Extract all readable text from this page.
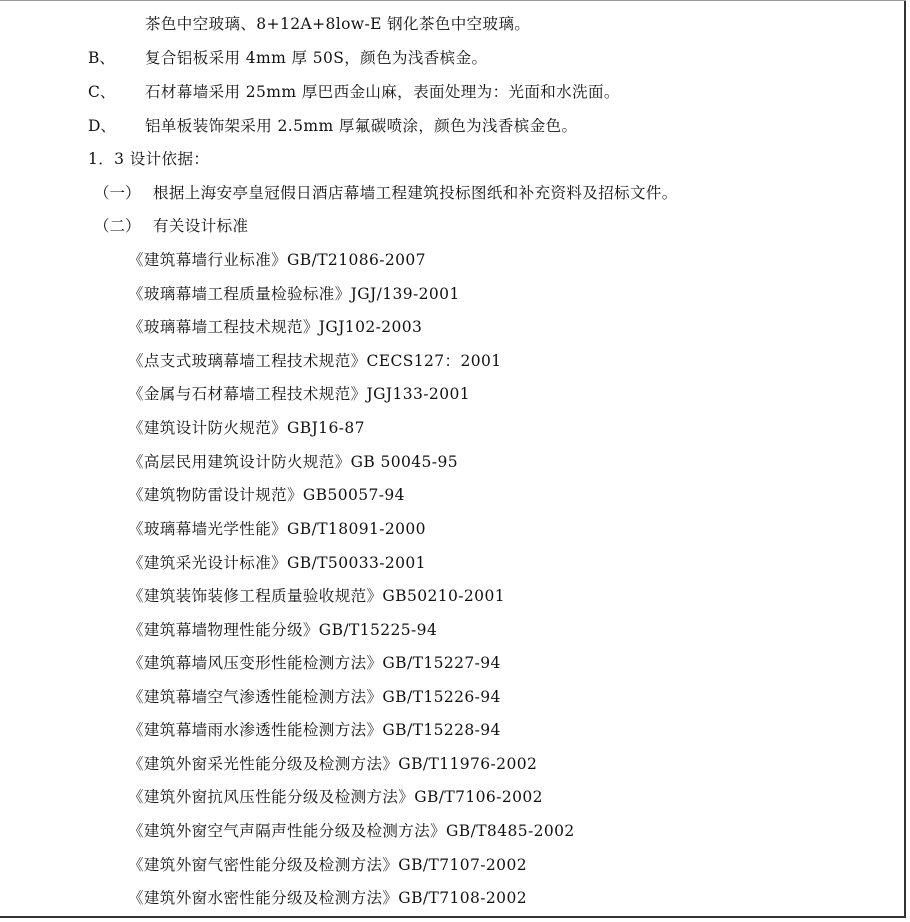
茶色中空玻璃、8+12A+8low-E 钢化茶色中空玻璃。
B、 复合铝板采用 4mm 厚 50S，颜色为浅香槟金。
C、 石材幕墙采用 25mm 厚巴西金山麻，表面处理为：光面和水洗面。
D、 铝单板装饰架采用 2.5mm 厚氟碳喷涂，颜色为浅香槟金色。
1．3 设计依据：
（一） 根据上海安亭皇冠假日酒店幕墙工程建筑投标图纸和补充资料及招标文件。
（二） 有关设计标准
《建筑幕墙行业标准》GB/T21086-2007
《玻璃幕墙工程质量检验标准》JGJ/139-2001
《玻璃幕墙工程技术规范》JGJ102-2003
《点支式玻璃幕墙工程技术规范》CECS127：2001
《金属与石材幕墙工程技术规范》JGJ133-2001
《建筑设计防火规范》GBJ16-87
《高层民用建筑设计防火规范》GB 50045-95
《建筑物防雷设计规范》GB50057-94
《玻璃幕墙光学性能》GB/T18091-2000
《建筑采光设计标准》GB/T50033-2001
《建筑装饰装修工程质量验收规范》GB50210-2001
《建筑幕墙物理性能分级》GB/T15225-94
《建筑幕墙风压变形性能检测方法》GB/T15227-94
《建筑幕墙空气渗透性能检测方法》GB/T15226-94
《建筑幕墙雨水渗透性能检测方法》GB/T15228-94
《建筑外窗采光性能分级及检测方法》GB/T11976-2002
《建筑外窗抗风压性能分级及检测方法》GB/T7106-2002
《建筑外窗空气声隔声性能分级及检测方法》GB/T8485-2002
《建筑外窗气密性能分级及检测方法》GB/T7107-2002
《建筑外窗水密性能分级及检测方法》GB/T7108-2002
